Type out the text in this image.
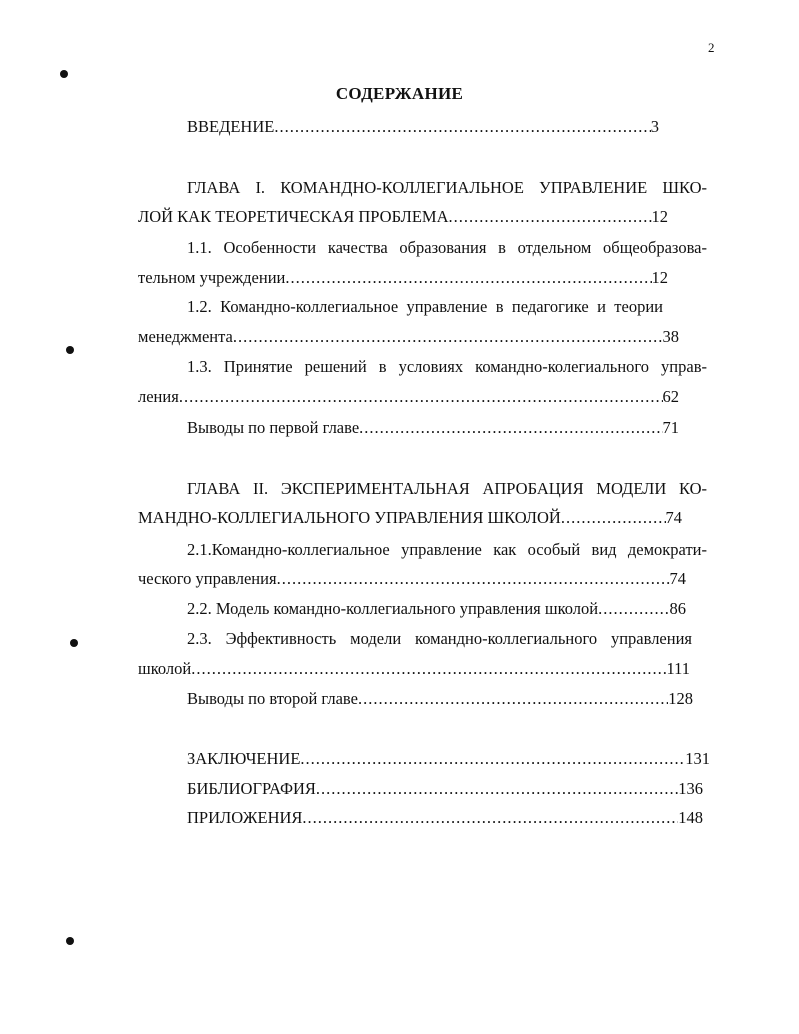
2
СОДЕРЖАНИЕ
ВВЕДЕНИЕ .....	3
ГЛАВА I. КОМАНДНО-КОЛЛЕГИАЛЬНОЕ УПРАВЛЕНИЕ ШКО-
ЛОЙ КАК ТЕОРЕТИЧЕСКАЯ ПРОБЛЕМА .....	12
1.1. Особенности качества образования в отдельном общеобразова-
тельном учреждении .....	12
1.2. Командно-коллегиальное управление в педагогике и теории
менеджмента .....	38
1.3. Принятие решений в условиях командно-колегиального управ-
ления .....	62
Выводы по первой главе .....	71
ГЛАВА II. ЭКСПЕРИМЕНТАЛЬНАЯ АПРОБАЦИЯ МОДЕЛИ КО-
МАНДНО-КОЛЛЕГИАЛЬНОГО УПРАВЛЕНИЯ ШКОЛОЙ .....	74
2.1.Командно-коллегиальное управление как особый вид демократи-
ческого управления .....	74
2.2. Модель командно-коллегиального управления школой .....	86
2.3. Эффективность модели командно-коллегиального управления
школой .....	111
Выводы по второй главе .....	128
ЗАКЛЮЧЕНИЕ .....	131
БИБЛИОГРАФИЯ .....	136
ПРИЛОЖЕНИЯ .....	148
